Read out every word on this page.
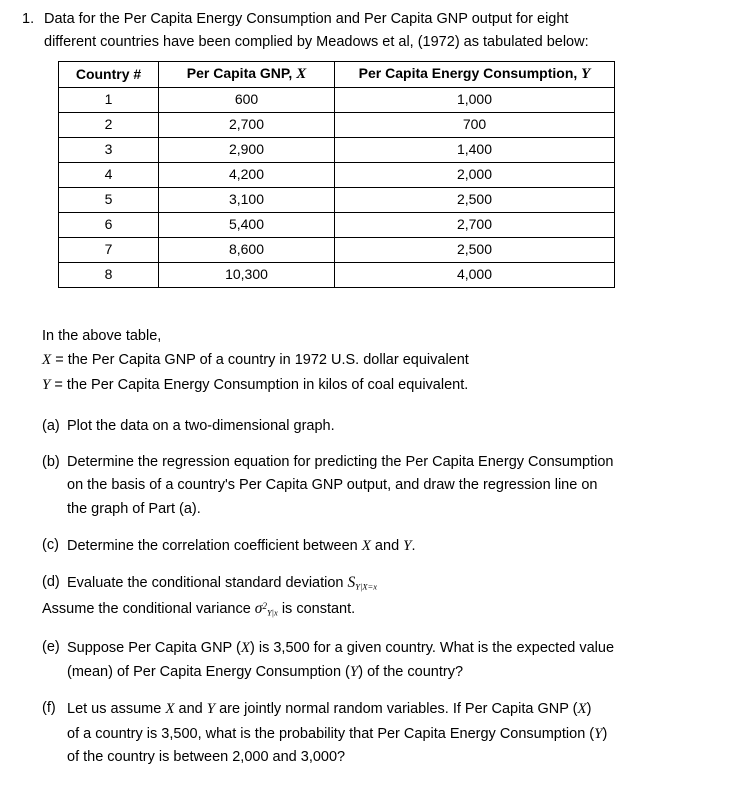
1. Data for the Per Capita Energy Consumption and Per Capita GNP output for eight
different countries have been complied by Meadows et al, (1972) as tabulated below:
Country #	Per Capita GNP, X	Per Capita Energy Consumption, Y
1	600	1,000
2	2,700	700
3	2,900	1,400
4	4,200	2,000
5	3,100	2,500
6	5,400	2,700
7	8,600	2,500
8	10,300	4,000
In the above table,
X = the Per Capita GNP of a country in 1972 U.S. dollar equivalent
Y = the Per Capita Energy Consumption in kilos of coal equivalent.
(a) Plot the data on a two-dimensional graph.
(b) Determine the regression equation for predicting the Per Capita Energy Consumption
on the basis of a country's Per Capita GNP output, and draw the regression line on
the graph of Part (a).
(c) Determine the correlation coefficient between X and Y.
(d) Evaluate the conditional standard deviation $S_{Y|X=x}$
Assume the conditional variance $\sigma^2_{Y|x}$ is constant.
(e) Suppose Per Capita GNP (X) is 3,500 for a given country. What is the expected value
(mean) of Per Capita Energy Consumption (Y) of the country?
(f) Let us assume X and Y are jointly normal random variables. If Per Capita GNP (X)
of a country is 3,500, what is the probability that Per Capita Energy Consumption (Y)
of the country is between 2,000 and 3,000?
